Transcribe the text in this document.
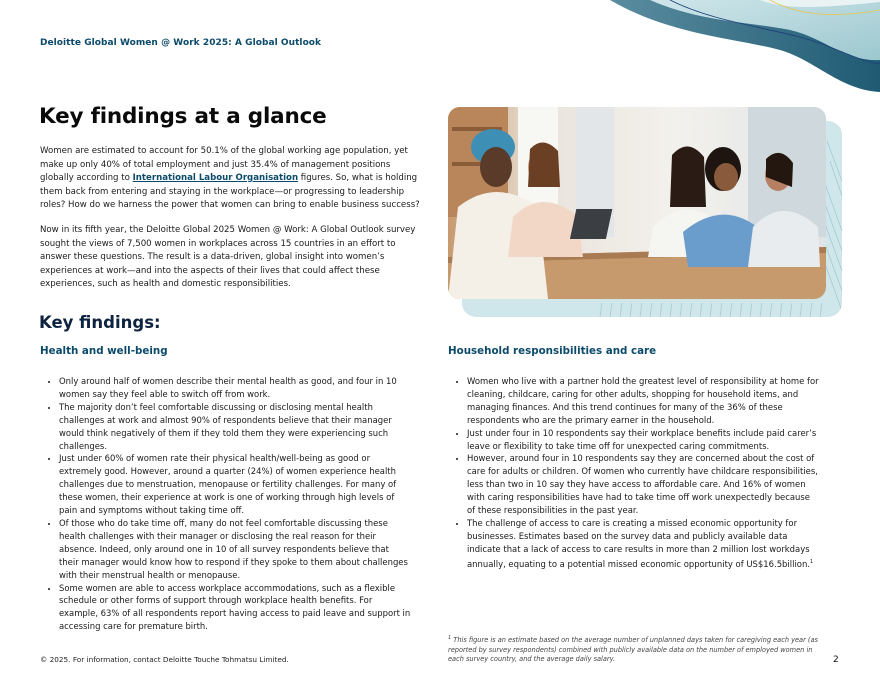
Deloitte Global Women @ Work 2025: A Global Outlook
Key findings at a glance

Women are estimated to account for 50.1% of the global working age population, yet make up only 40% of total employment and just 35.4% of management positions globally according to International Labour Organisation figures. So, what is holding them back from entering and staying in the workplace—or progressing to leadership roles? How do we harness the power that women can bring to enable business success?

Now in its fifth year, the Deloitte Global 2025 Women @ Work: A Global Outlook survey sought the views of 7,500 women in workplaces across 15 countries in an effort to answer these questions. The result is a data-driven, global insight into women’s experiences at work—and into the aspects of their lives that could affect these experiences, such as health and domestic responsibilities.

Key findings:
Health and well-being	Household responsibilities and care
• Only around half of women describe their mental health as good, and four in 10 women say they feel able to switch off from work.
• The majority don’t feel comfortable discussing or disclosing mental health challenges at work and almost 90% of respondents believe that their manager would think negatively of them if they told them they were experiencing such challenges.
• Just under 60% of women rate their physical health/well-being as good or extremely good. However, around a quarter (24%) of women experience health challenges due to menstruation, menopause or fertility challenges. For many of these women, their experience at work is one of working through high levels of pain and symptoms without taking time off.
• Of those who do take time off, many do not feel comfortable discussing these health challenges with their manager or disclosing the real reason for their absence. Indeed, only around one in 10 of all survey respondents believe that their manager would know how to respond if they spoke to them about challenges with their menstrual health or menopause.
• Some women are able to access workplace accommodations, such as a flexible schedule or other forms of support through workplace health benefits. For example, 63% of all respondents report having access to paid leave and support in accessing care for premature birth.
• Women who live with a partner hold the greatest level of responsibility at home for cleaning, childcare, caring for other adults, shopping for household items, and managing finances. And this trend continues for many of the 36% of these respondents who are the primary earner in the household.
• Just under four in 10 respondents say their workplace benefits include paid carer’s leave or flexibility to take time off for unexpected caring commitments.
• However, around four in 10 respondents say they are concerned about the cost of care for adults or children. Of women who currently have childcare responsibilities, less than two in 10 say they have access to affordable care. And 16% of women with caring responsibilities have had to take time off work unexpectedly because of these responsibilities in the past year.
• The challenge of access to care is creating a missed economic opportunity for businesses. Estimates based on the survey data and publicly available data indicate that a lack of access to care results in more than 2 million lost workdays annually, equating to a potential missed economic opportunity of US$16.5billion.$^1$

$^1$ This figure is an estimate based on the average number of unplanned days taken for caregiving each year (as reported by survey respondents) combined with publicly available data on the number of employed women in each survey country, and the average daily salary.

© 2025. For information, contact Deloitte Touche Tohmatsu Limited.	2
